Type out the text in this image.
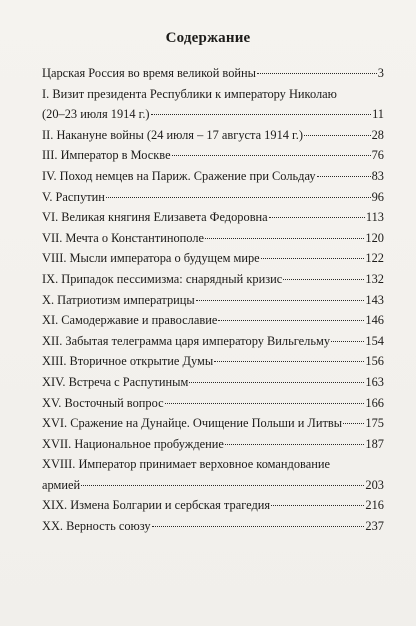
Содержание
Царская Россия во время великой войны	3
I. Визит президента Республики к императору Николаю
(20–23 июля 1914 г.)	11
II. Накануне войны (24 июля – 17 августа 1914 г.)	28
III. Император в Москве	76
IV. Поход немцев на Париж. Сражение при Сольдау	83
V. Распутин	96
VI. Великая княгиня Елизавета Федоровна	113
VII. Мечта о Константинополе	120
VIII. Мысли императора о будущем мире	122
IX. Припадок пессимизма: снарядный кризис	132
X. Патриотизм императрицы	143
XI. Самодержавие и православие	146
XII. Забытая телеграмма царя императору Вильгельму	154
XIII. Вторичное открытие Думы	156
XIV. Встреча с Распутиным	163
XV. Восточный вопрос	166
XVI. Сражение на Дунайце. Очищение Польши и Литвы 175
XVII. Национальное пробуждение	187
XVIII. Император принимает верховное командование
армией	203
XIX. Измена Болгарии и сербская трагедия	216
XX. Верность союзу	237
